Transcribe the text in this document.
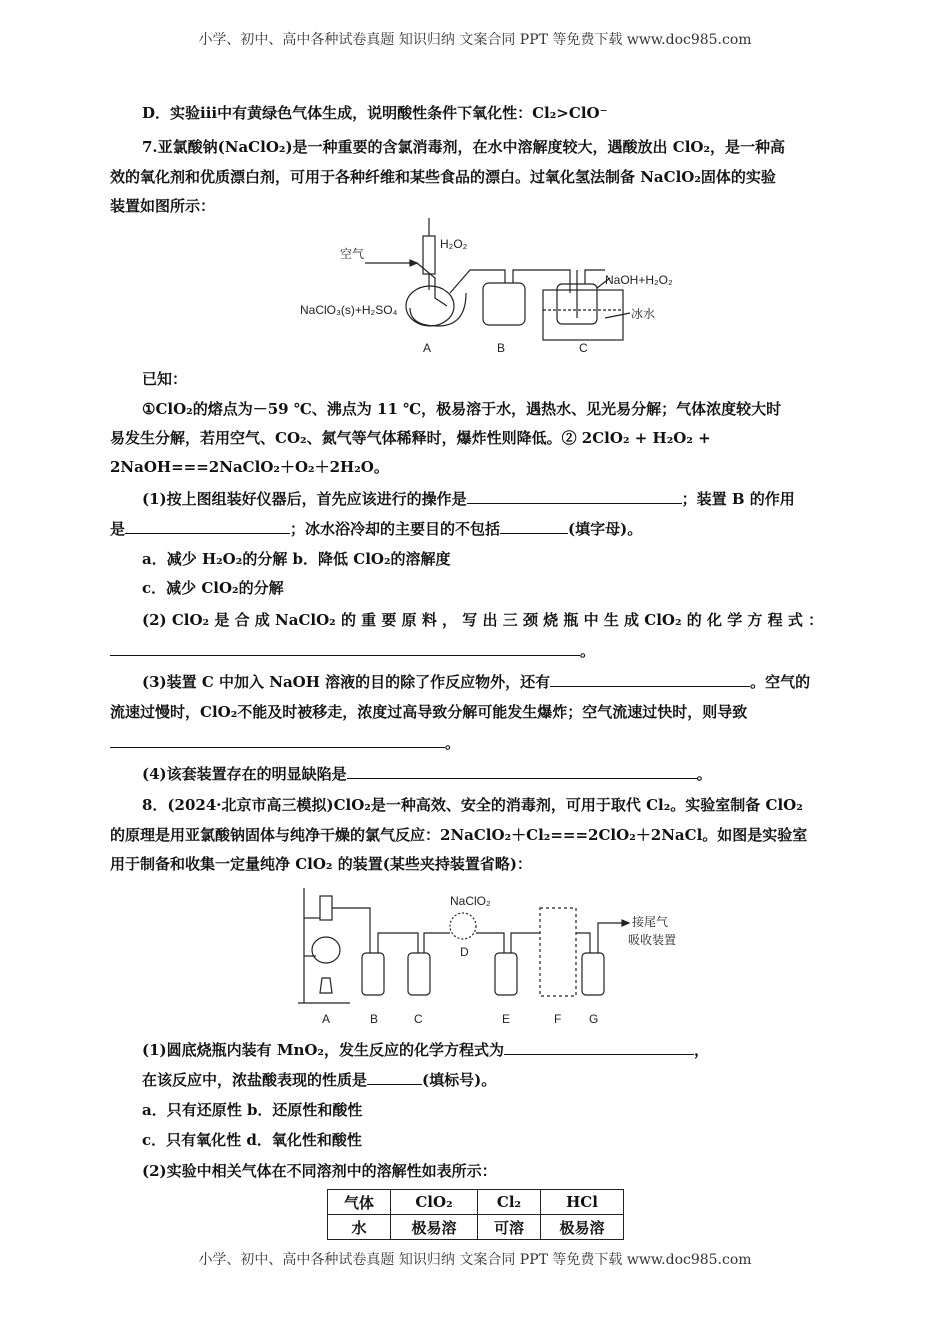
小学、初中、高中各种试卷真题 知识归纳 文案合同 PPT 等免费下载 www.doc985.com
D．实验ⅲ中有黄绿色气体生成，说明酸性条件下氧化性：Cl₂>ClO⁻
7.亚氯酸钠(NaClO₂)是一种重要的含氯消毒剂，在水中溶解度较大，遇酸放出 ClO₂，是一种高
效的氧化剂和优质漂白剂，可用于各种纤维和某些食品的漂白。过氧化氢法制备 NaClO₂固体的实验
装置如图所示：
空气
H₂O₂
NaOH+H₂O₂
NaClO₃(s)+H₂SO₄	冰水
A	B	C
已知：
①ClO₂的熔点为－59 ℃、沸点为 11 ℃，极易溶于水，遇热水、见光易分解；气体浓度较大时
易发生分解，若用空气、CO₂、氮气等气体稀释时，爆炸性则降低。② 2ClO₂ + H₂O₂ +
2NaOH===2NaClO₂＋O₂＋2H₂O。
(1)按上图组装好仪器后，首先应该进行的操作是	；装置 B 的作用
是	；冰水浴冷却的主要目的不包括	(填字母)。
a．减少 H₂O₂的分解 b．降低 ClO₂的溶解度
c．减少 ClO₂的分解
(2) ClO₂ 是 合 成 NaClO₂ 的 重 要 原 料 ， 写 出 三 颈 烧 瓶 中 生 成 ClO₂ 的 化 学 方 程 式 ：
。
(3)装置 C 中加入 NaOH 溶液的目的除了作反应物外，还有	。空气的
流速过慢时，ClO₂不能及时被移走，浓度过高导致分解可能发生爆炸；空气流速过快时，则导致
。
(4)该套装置存在的明显缺陷是	。
8．(2024·北京市高三模拟)ClO₂是一种高效、安全的消毒剂，可用于取代 Cl₂。实验室制备 ClO₂
的原理是用亚氯酸钠固体与纯净干燥的氯气反应：2NaClO₂＋Cl₂===2ClO₂＋2NaCl。如图是实验室
用于制备和收集一定量纯净 ClO₂ 的装置(某些夹持装置省略)：
NaClO₂
D
接尾气
吸收装置
A	B	C	E	F G
(1)圆底烧瓶内装有 MnO₂，发生反应的化学方程式为	，
在该反应中，浓盐酸表现的性质是	(填标号)。
a．只有还原性 b．还原性和酸性
c．只有氧化性 d．氧化性和酸性
(2)实验中相关气体在不同溶剂中的溶解性如表所示：
气体	ClO₂	Cl₂	HCl
水	极易溶	可溶	极易溶
小学、初中、高中各种试卷真题 知识归纳 文案合同 PPT 等免费下载 www.doc985.com
